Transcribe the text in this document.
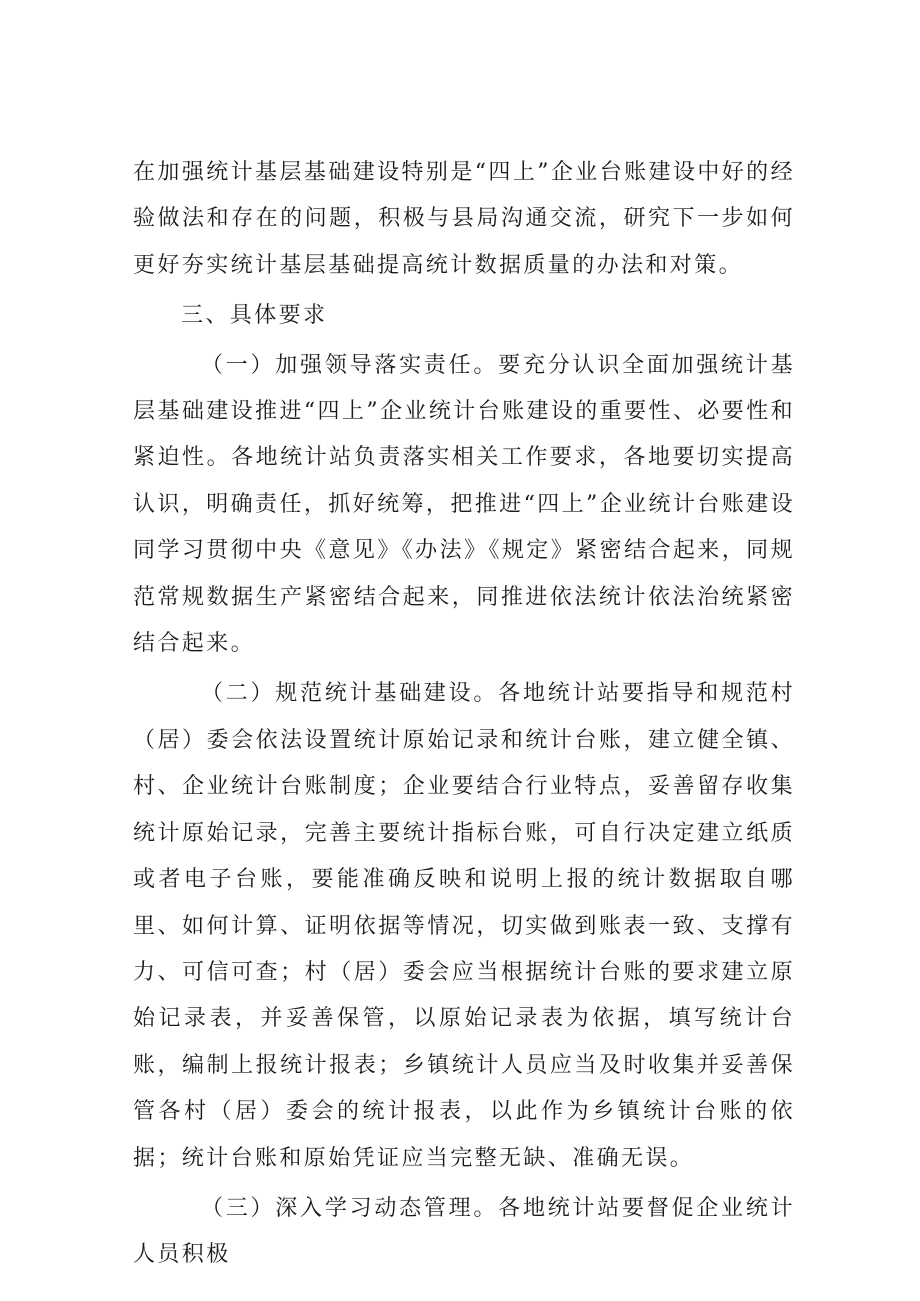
在加强统计基层基础建设特别是“四上”企业台账建设中好的经验做法和存在的问题，积极与县局沟通交流，研究下一步如何更好夯实统计基层基础提高统计数据质量的办法和对策。

三、具体要求

（一）加强领导落实责任。要充分认识全面加强统计基层基础建设推进“四上”企业统计台账建设的重要性、必要性和紧迫性。各地统计站负责落实相关工作要求，各地要切实提高认识，明确责任，抓好统筹，把推进“四上”企业统计台账建设同学习贯彻中央《意见》《办法》《规定》紧密结合起来，同规范常规数据生产紧密结合起来，同推进依法统计依法治统紧密结合起来。

（二）规范统计基础建设。各地统计站要指导和规范村（居）委会依法设置统计原始记录和统计台账，建立健全镇、村、企业统计台账制度；企业要结合行业特点，妥善留存收集统计原始记录，完善主要统计指标台账，可自行决定建立纸质或者电子台账，要能准确反映和说明上报的统计数据取自哪里、如何计算、证明依据等情况，切实做到账表一致、支撑有力、可信可查；村（居）委会应当根据统计台账的要求建立原始记录表，并妥善保管，以原始记录表为依据，填写统计台账，编制上报统计报表；乡镇统计人员应当及时收集并妥善保管各村（居）委会的统计报表，以此作为乡镇统计台账的依据；统计台账和原始凭证应当完整无缺、准确无误。

（三）深入学习动态管理。各地统计站要督促企业统计人员积极
